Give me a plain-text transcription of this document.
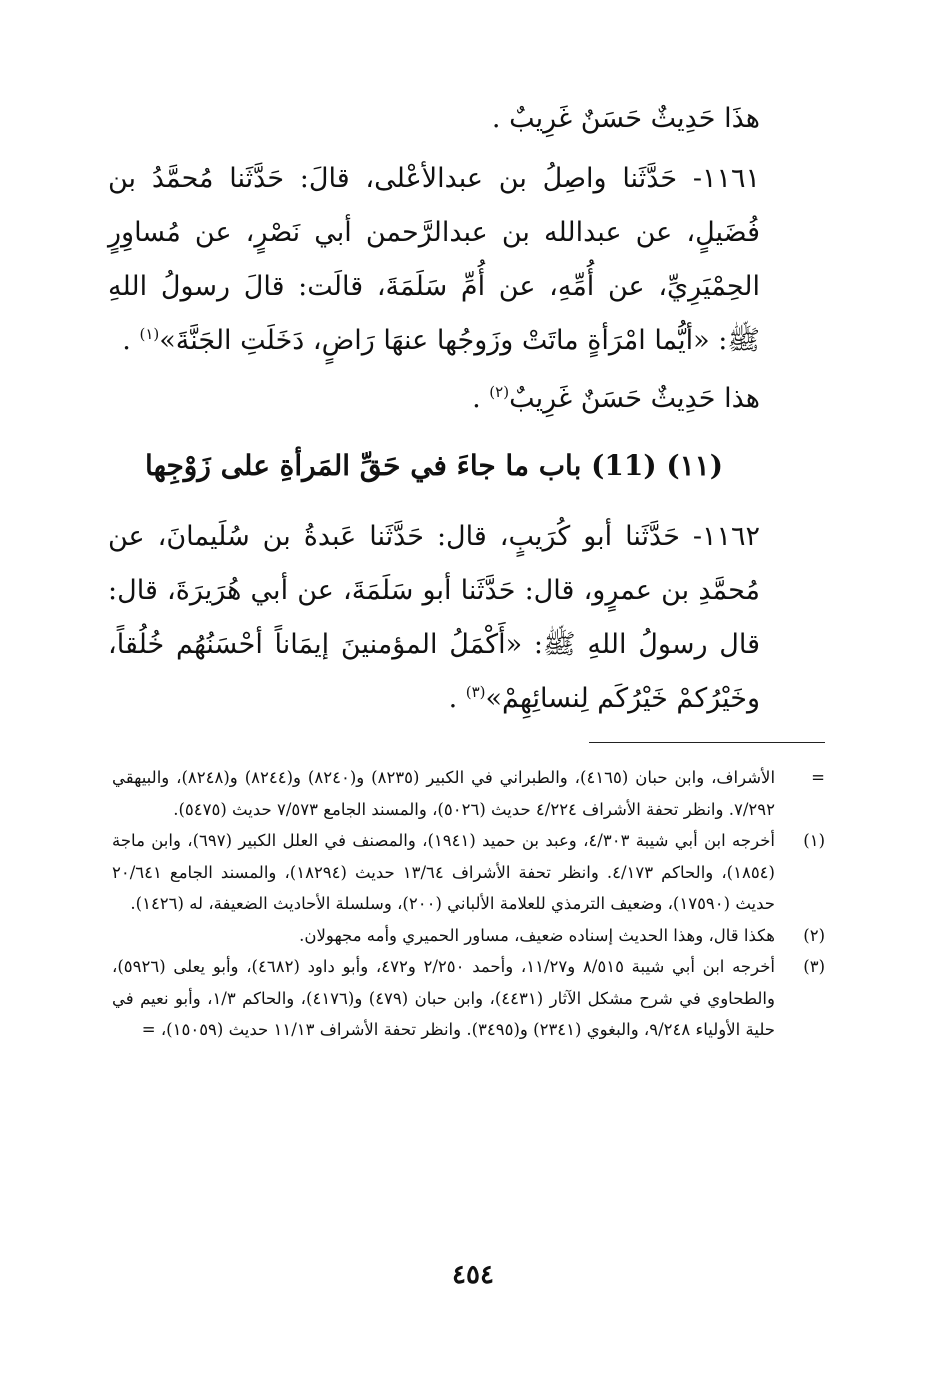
هذَا حَدِيثٌ حَسَنٌ غَرِيبٌ .

١١٦١- حَدَّثَنا واصِلُ بن عبدالأعْلى، قالَ: حَدَّثَنا مُحمَّدُ بن فُضَيلٍ، عن عبدالله بن عبدالرَّحمن أبي نَصْرٍ، عن مُساوِرٍ الحِمْيَرِيِّ، عن أُمِّهِ، عن أُمِّ سَلَمَةَ، قالَت: قالَ رسولُ اللهِ ﷺ: «أيُّما امْرَأةٍ ماتَتْ وزَوجُها عنهَا رَاضٍ، دَخَلَتِ الجَنَّةَ»$^{(١)}$ .

هذا حَدِيثٌ حَسَنٌ غَرِيبٌ$^{(٢)}$ .

(١١) (11) باب ما جاءَ في حَقِّ المَرأةِ على زَوْجِها

١١٦٢- حَدَّثَنا أبو كُرَيبٍ، قال: حَدَّثَنا عَبدةُ بن سُلَيمانَ، عن مُحمَّدِ بن عمرٍو، قال: حَدَّثَنا أبو سَلَمَةَ، عن أبي هُرَيرَةَ، قال: قال رسولُ اللهِ ﷺ: «أَكْمَلُ المؤمنينَ إيمَاناً أحْسَنُهُم خُلُقاً، وخَيْرُكمْ خَيْرُكَم لِنسائِهِمْ»$^{(٣)}$ .

=
الأشراف، وابن حبان (٤١٦٥)، والطبراني في الكبير (٨٢٣٥) و(٨٢٤٠) و(٨٢٤٤) و(٨٢٤٨)، والبيهقي ٧/٢٩٢. وانظر تحفة الأشراف ٤/٢٢٤ حديث (٥٠٢٦)، والمسند الجامع ٧/٥٧٣ حديث (٥٤٧٥).
(١)
أخرجه ابن أبي شيبة ٤/٣٠٣، وعبد بن حميد (١٩٤١)، والمصنف في العلل الكبير (٦٩٧)، وابن ماجة (١٨٥٤)، والحاكم ٤/١٧٣. وانظر تحفة الأشراف ١٣/٦٤ حديث (١٨٢٩٤)، والمسند الجامع ٢٠/٦٤١ حديث (١٧٥٩٠)، وضعيف الترمذي للعلامة الألباني (٢٠٠)، وسلسلة الأحاديث الضعيفة، له (١٤٢٦).
(٢)
هكذا قال، وهذا الحديث إسناده ضعيف، مساور الحميري وأمه مجهولان.
(٣)
أخرجه ابن أبي شيبة ٨/٥١٥ و١١/٢٧، وأحمد ٢/٢٥٠ و٤٧٢، وأبو داود (٤٦٨٢)، وأبو يعلى (٥٩٢٦)، والطحاوي في شرح مشكل الآثار (٤٤٣١)، وابن حبان (٤٧٩) و(٤١٧٦)، والحاكم ١/٣، وأبو نعيم في حلية الأولياء ٩/٢٤٨، والبغوي (٢٣٤١) و(٣٤٩٥). وانظر تحفة الأشراف ١١/١٣ حديث (١٥٠٥٩)، =
٤٥٤
